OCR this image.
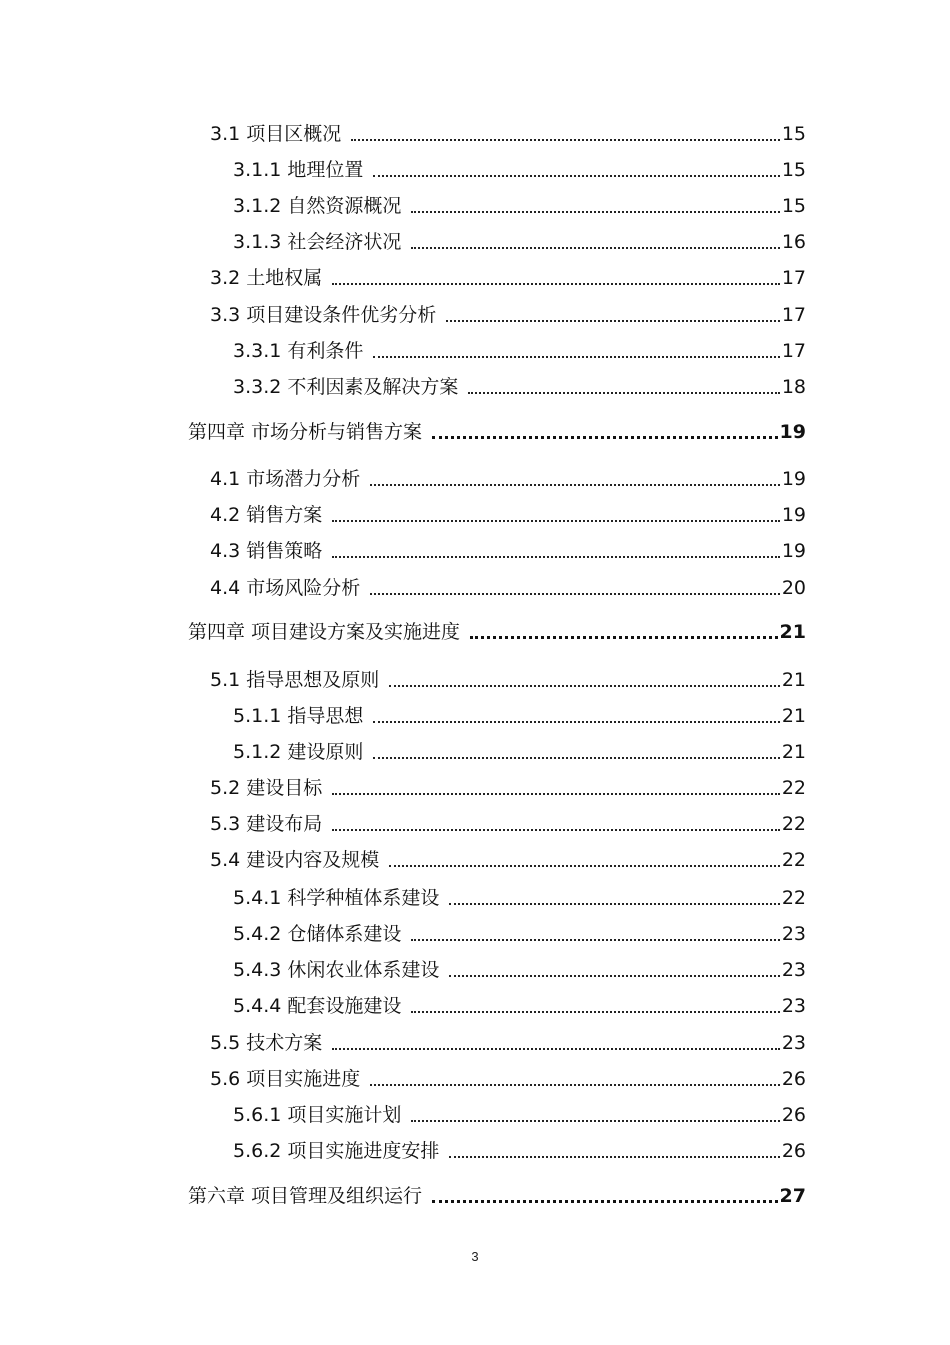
3.1 项目区概况	15
3.1.1 地理位置	15
3.1.2 自然资源概况	15
3.1.3 社会经济状况	16
3.2 土地权属	17
3.3 项目建设条件优劣分析	17
3.3.1 有利条件	17
3.3.2 不利因素及解决方案	18
第四章 市场分析与销售方案	19
4.1 市场潜力分析	19
4.2 销售方案	19
4.3 销售策略	19
4.4 市场风险分析	20
第四章 项目建设方案及实施进度	21
5.1 指导思想及原则	21
5.1.1 指导思想	21
5.1.2 建设原则	21
5.2 建设目标	22
5.3 建设布局	22
5.4 建设内容及规模	22
5.4.1 科学种植体系建设	22
5.4.2 仓储体系建设	23
5.4.3 休闲农业体系建设	23
5.4.4 配套设施建设	23
5.5 技术方案	23
5.6 项目实施进度	26
5.6.1 项目实施计划	26
5.6.2 项目实施进度安排	26
第六章 项目管理及组织运行	27
3
